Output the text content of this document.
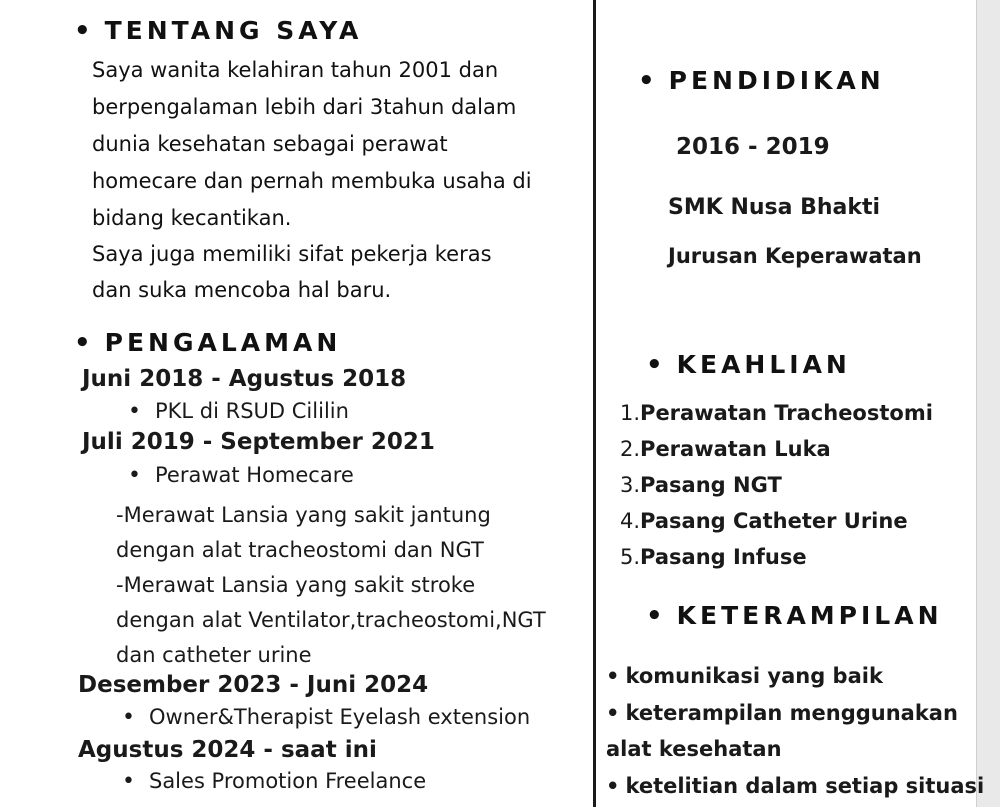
• TENTANG SAYA
Saya wanita kelahiran tahun 2001 dan
berpengalaman lebih dari 3tahun dalam
dunia kesehatan sebagai perawat
homecare dan pernah membuka usaha di
bidang kecantikan.
Saya juga memiliki sifat pekerja keras
dan suka mencoba hal baru.
• PENGALAMAN
Juni 2018 - Agustus 2018
• PKL di RSUD Cililin
Juli 2019 - September 2021
• Perawat Homecare
-Merawat Lansia yang sakit jantung
dengan alat tracheostomi dan NGT
-Merawat Lansia yang sakit stroke
dengan alat Ventilator,tracheostomi,NGT
dan catheter urine
Desember 2023 - Juni 2024
• Owner&Therapist Eyelash extension
Agustus 2024 - saat ini
• Sales Promotion Freelance
• PENDIDIKAN
2016 - 2019
SMK Nusa Bhakti
Jurusan Keperawatan
• KEAHLIAN
1.Perawatan Tracheostomi
2.Perawatan Luka
3.Pasang NGT
4.Pasang Catheter Urine
5.Pasang Infuse
• KETERAMPILAN
• komunikasi yang baik
• keterampilan menggunakan
alat kesehatan
• ketelitian dalam setiap situasi
